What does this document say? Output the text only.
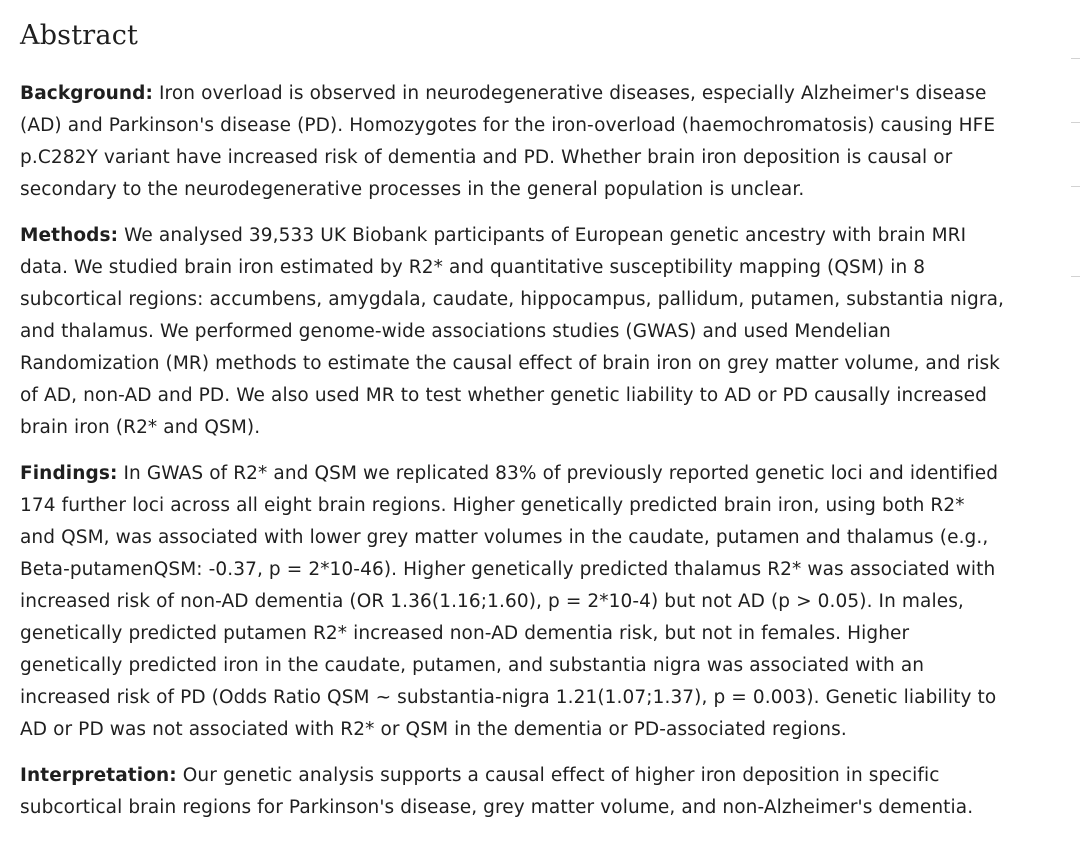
Abstract

Background: Iron overload is observed in neurodegenerative diseases, especially Alzheimer's disease (AD) and Parkinson's disease (PD). Homozygotes for the iron-overload (haemochromatosis) causing HFE p.C282Y variant have increased risk of dementia and PD. Whether brain iron deposition is causal or secondary to the neurodegenerative processes in the general population is unclear.

Methods: We analysed 39,533 UK Biobank participants of European genetic ancestry with brain MRI data. We studied brain iron estimated by R2* and quantitative susceptibility mapping (QSM) in 8 subcortical regions: accumbens, amygdala, caudate, hippocampus, pallidum, putamen, substantia nigra, and thalamus. We performed genome-wide associations studies (GWAS) and used Mendelian Randomization (MR) methods to estimate the causal effect of brain iron on grey matter volume, and risk of AD, non-AD and PD. We also used MR to test whether genetic liability to AD or PD causally increased brain iron (R2* and QSM).

Findings: In GWAS of R2* and QSM we replicated 83% of previously reported genetic loci and identified 174 further loci across all eight brain regions. Higher genetically predicted brain iron, using both R2* and QSM, was associated with lower grey matter volumes in the caudate, putamen and thalamus (e.g., Beta-putamenQSM: -0.37, p = 2*10-46). Higher genetically predicted thalamus R2* was associated with increased risk of non-AD dementia (OR 1.36(1.16;1.60), p = 2*10-4) but not AD (p > 0.05). In males, genetically predicted putamen R2* increased non-AD dementia risk, but not in females. Higher genetically predicted iron in the caudate, putamen, and substantia nigra was associated with an increased risk of PD (Odds Ratio QSM ~ substantia-nigra 1.21(1.07;1.37), p = 0.003). Genetic liability to AD or PD was not associated with R2* or QSM in the dementia or PD-associated regions.

Interpretation: Our genetic analysis supports a causal effect of higher iron deposition in specific subcortical brain regions for Parkinson's disease, grey matter volume, and non-Alzheimer's dementia.
